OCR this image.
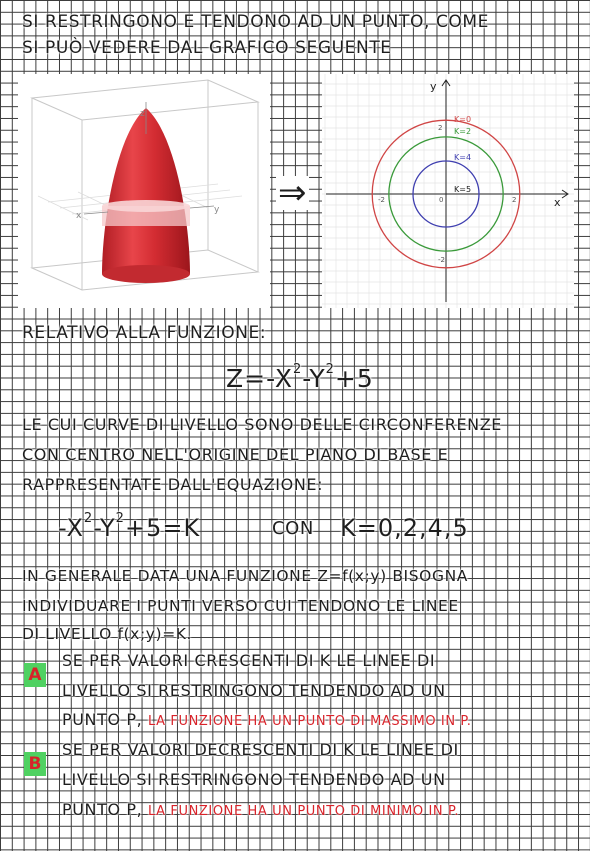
SI RESTRINGONO E TENDONO AD UN PUNTO, COME
SI PUÒ VEDERE DAL GRAFICO SEGUENTE
z
x
y ⇒	x
y
-2	2
-2
2
0
K=0
K=2
K=4
K=5
RELATIVO ALLA FUNZIONE:
$Z=-X^2-Y^2+5$
LE CUI CURVE DI LIVELLO SONO DELLE CIRCONFERENZE
CON CENTRO NELL'ORIGINE DEL PIANO DI BASE E
RAPPRESENTATE DALL'EQUAZIONE:
$-X^2-Y^2+5=K$	CON K=0,2,4,5
IN GENERALE DATA UNA FUNZIONE Z=f(x;y) BISOGNA
INDIVIDUARE I PUNTI VERSO CUI TENDONO LE LINEE
DI LIVELLO f(x;y)=K.
A
SE PER VALORI CRESCENTI DI K LE LINEE DI
LIVELLO SI RESTRINGONO TENDENDO AD UN
PUNTO P, LA FUNZIONE HA UN PUNTO DI MASSIMO IN P.
B
SE PER VALORI DECRESCENTI DI K LE LINEE DI
LIVELLO SI RESTRINGONO TENDENDO AD UN
PUNTO P, LA FUNZIONE HA UN PUNTO DI MINIMO IN P.
